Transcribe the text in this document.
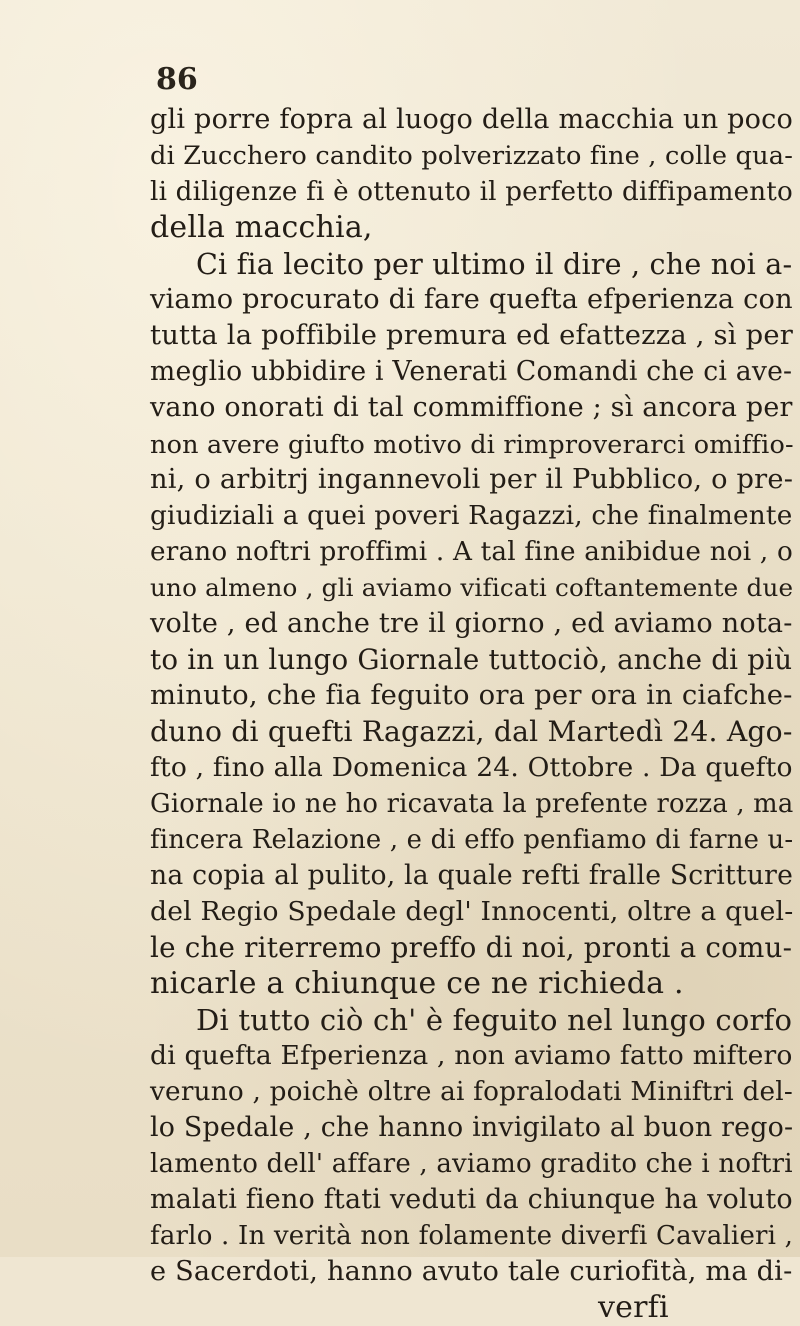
86
gli porre fopra al luogo della macchia un poco
di Zucchero candito polverizzato fine , colle qua-
li diligenze fi è ottenuto il perfetto diffipamento
della macchia,
Ci fia lecito per ultimo il dire , che noi a-
viamo procurato di fare quefta efperienza con
tutta la poffibile premura ed efattezza , sì per
meglio ubbidire i Venerati Comandi che ci ave-
vano onorati di tal commiffione ; sì ancora per
non avere giufto motivo di rimproverarci omiffio-
ni, o arbitrj ingannevoli per il Pubblico, o pre-
giudiziali a quei poveri Ragazzi, che finalmente
erano noftri proffimi . A tal fine anibidue noi , o
uno almeno , gli aviamo vificati coftantemente due
volte , ed anche tre il giorno , ed aviamo nota-
to in un lungo Giornale tuttociò, anche di più
minuto, che fia feguito ora per ora in ciafche-
duno di quefti Ragazzi, dal Martedì 24. Ago-
fto , fino alla Domenica 24. Ottobre . Da quefto
Giornale io ne ho ricavata la prefente rozza , ma
fincera Relazione , e di effo penfiamo di farne u-
na copia al pulito, la quale refti fralle Scritture
del Regio Spedale degl' Innocenti, oltre a quel-
le che riterremo preffo di noi, pronti a comu-
nicarle a chiunque ce ne richieda .
Di tutto ciò ch' è feguito nel lungo corfo
di quefta Efperienza , non aviamo fatto miftero
veruno , poichè oltre ai fopralodati Miniftri del-
lo Spedale , che hanno invigilato al buon rego-
lamento dell' affare , aviamo gradito che i noftri
malati fieno ftati veduti da chiunque ha voluto
farlo . In verità non folamente diverfi Cavalieri ,
e Sacerdoti, hanno avuto tale curiofità, ma di-
verfi
